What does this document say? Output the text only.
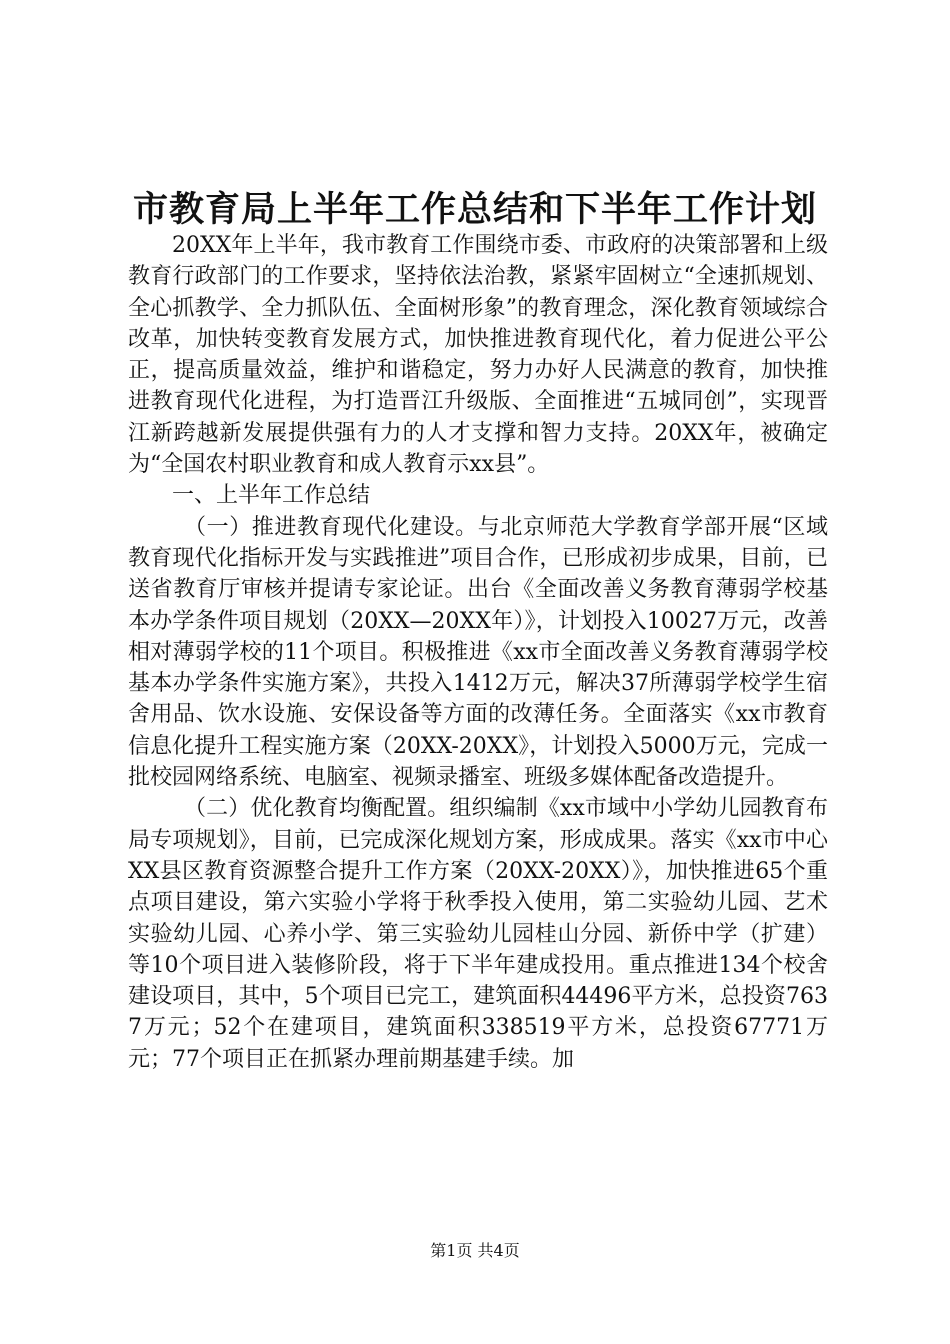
市教育局上半年工作总结和下半年工作计划

20XX年上半年，我市教育工作围绕市委、市政府的决策部署和上级教育行政部门的工作要求，坚持依法治教，紧紧牢固树立“全速抓规划、全心抓教学、全力抓队伍、全面树形象”的教育理念，深化教育领域综合改革，加快转变教育发展方式，加快推进教育现代化，着力促进公平公正，提高质量效益，维护和谐稳定，努力办好人民满意的教育，加快推进教育现代化进程，为打造晋江升级版、全面推进“五城同创”，实现晋江新跨越新发展提供强有力的人才支撑和智力支持。20XX年，被确定为“全国农村职业教育和成人教育示xx县”。

一、上半年工作总结

（一）推进教育现代化建设。与北京师范大学教育学部开展“区域教育现代化指标开发与实践推进”项目合作，已形成初步成果，目前，已送省教育厅审核并提请专家论证。出台《全面改善义务教育薄弱学校基本办学条件项目规划（20XX—20XX年）》，计划投入10027万元，改善相对薄弱学校的11个项目。积极推进《xx市全面改善义务教育薄弱学校基本办学条件实施方案》，共投入1412万元，解决37所薄弱学校学生宿舍用品、饮水设施、安保设备等方面的改薄任务。全面落实《xx市教育信息化提升工程实施方案（20XX-20XX》，计划投入5000万元，完成一批校园网络系统、电脑室、视频录播室、班级多媒体配备改造提升。

（二）优化教育均衡配置。组织编制《xx市域中小学幼儿园教育布局专项规划》，目前，已完成深化规划方案，形成成果。落实《xx市中心XX县区教育资源整合提升工作方案（20XX-20XX）》，加快推进65个重点项目建设，第六实验小学将于秋季投入使用，第二实验幼儿园、艺术实验幼儿园、心养小学、第三实验幼儿园桂山分园、新侨中学（扩建）等10个项目进入装修阶段，将于下半年建成投用。重点推进134个校舍建设项目，其中，5个项目已完工，建筑面积44496平方米，总投资7637万元；52个在建项目，建筑面积338519平方米，总投资67771万元；77个项目正在抓紧办理前期基建手续。加

第1页 共4页
